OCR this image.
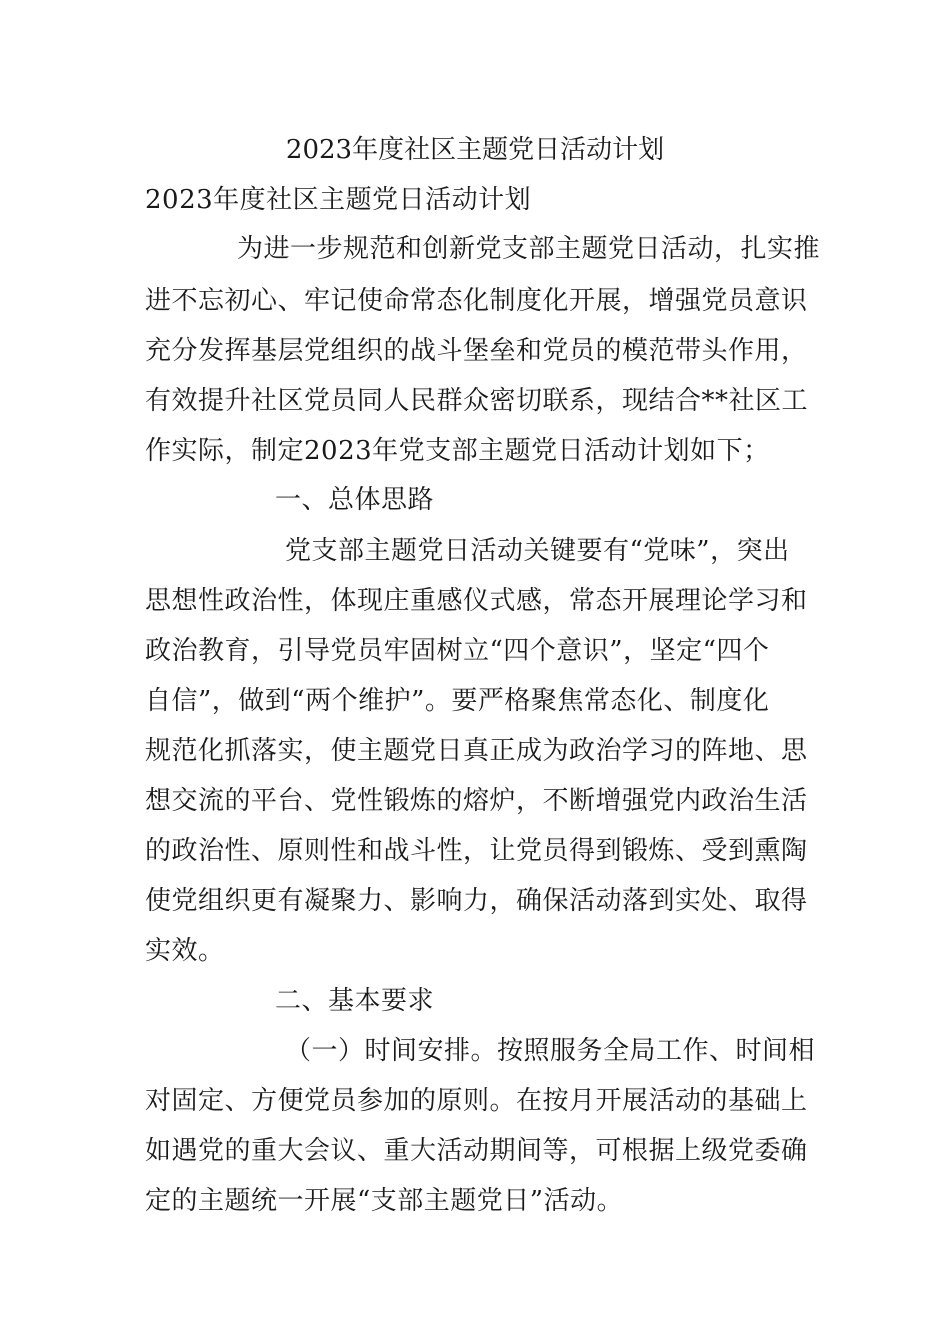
2023年度社区主题党日活动计划
2023年度社区主题党日活动计划
为进一步规范和创新党支部主题党日活动，扎实推
进不忘初心、牢记使命常态化制度化开展，增强党员意识
充分发挥基层党组织的战斗堡垒和党员的模范带头作用，
有效提升社区党员同人民群众密切联系，现结合**社区工
作实际，制定2023年党支部主题党日活动计划如下；
一、总体思路
党支部主题党日活动关键要有“党味”，突出
思想性政治性，体现庄重感仪式感，常态开展理论学习和
政治教育，引导党员牢固树立“四个意识”，坚定“四个
自信”，做到“两个维护”。要严格聚焦常态化、制度化
规范化抓落实，使主题党日真正成为政治学习的阵地、思
想交流的平台、党性锻炼的熔炉，不断增强党内政治生活
的政治性、原则性和战斗性，让党员得到锻炼、受到熏陶
使党组织更有凝聚力、影响力，确保活动落到实处、取得
实效。
二、基本要求
（一）时间安排。按照服务全局工作、时间相
对固定、方便党员参加的原则。在按月开展活动的基础上
如遇党的重大会议、重大活动期间等，可根据上级党委确
定的主题统一开展“支部主题党日”活动。
